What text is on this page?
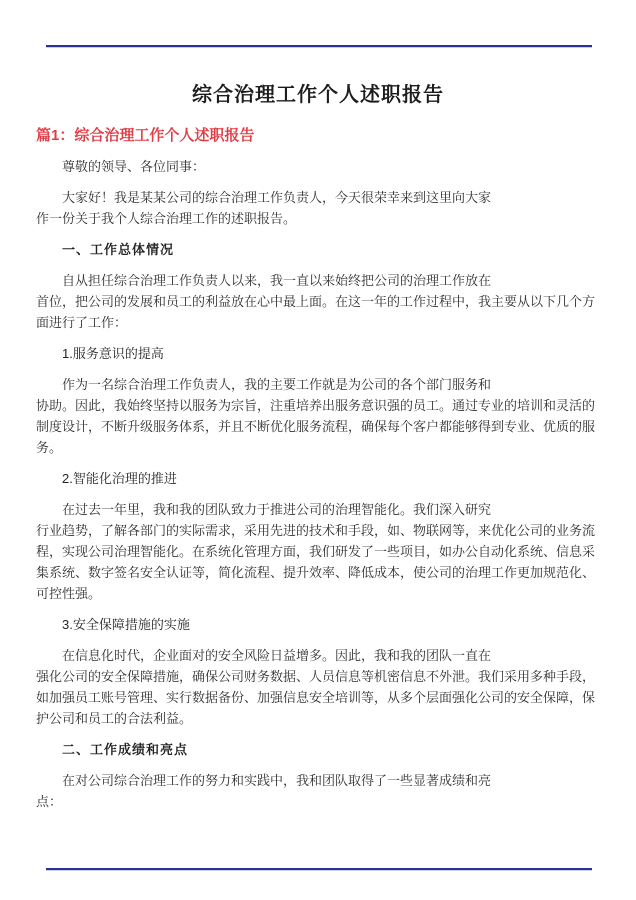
综合治理工作个人述职报告
篇1：综合治理工作个人述职报告

尊敬的领导、各位同事：

大家好！我是某某公司的综合治理工作负责人，今天很荣幸来到这里向大家
作一份关于我个人综合治理工作的述职报告。

一、工作总体情况

自从担任综合治理工作负责人以来，我一直以来始终把公司的治理工作放在
首位，把公司的发展和员工的利益放在心中最上面。在这一年的工作过程中，我主要从以下几个方面进行了工作：

1.服务意识的提高

作为一名综合治理工作负责人，我的主要工作就是为公司的各个部门服务和
协助。因此，我始终坚持以服务为宗旨，注重培养出服务意识强的员工。通过专业的培训和灵活的制度设计，不断升级服务体系，并且不断优化服务流程，确保每个客户都能够得到专业、优质的服务。

2.智能化治理的推进

在过去一年里，我和我的团队致力于推进公司的治理智能化。我们深入研究
行业趋势，了解各部门的实际需求，采用先进的技术和手段，如、物联网等，来优化公司的业务流程，实现公司治理智能化。在系统化管理方面，我们研发了一些项目，如办公自动化系统、信息采集系统、数字签名安全认证等，简化流程、提升效率、降低成本，使公司的治理工作更加规范化、可控性强。

3.安全保障措施的实施

在信息化时代，企业面对的安全风险日益增多。因此，我和我的团队一直在
强化公司的安全保障措施，确保公司财务数据、人员信息等机密信息不外泄。我们采用多种手段，如加强员工账号管理、实行数据备份、加强信息安全培训等，从多个层面强化公司的安全保障，保护公司和员工的合法利益。

二、工作成绩和亮点

在对公司综合治理工作的努力和实践中，我和团队取得了一些显著成绩和亮
点：
